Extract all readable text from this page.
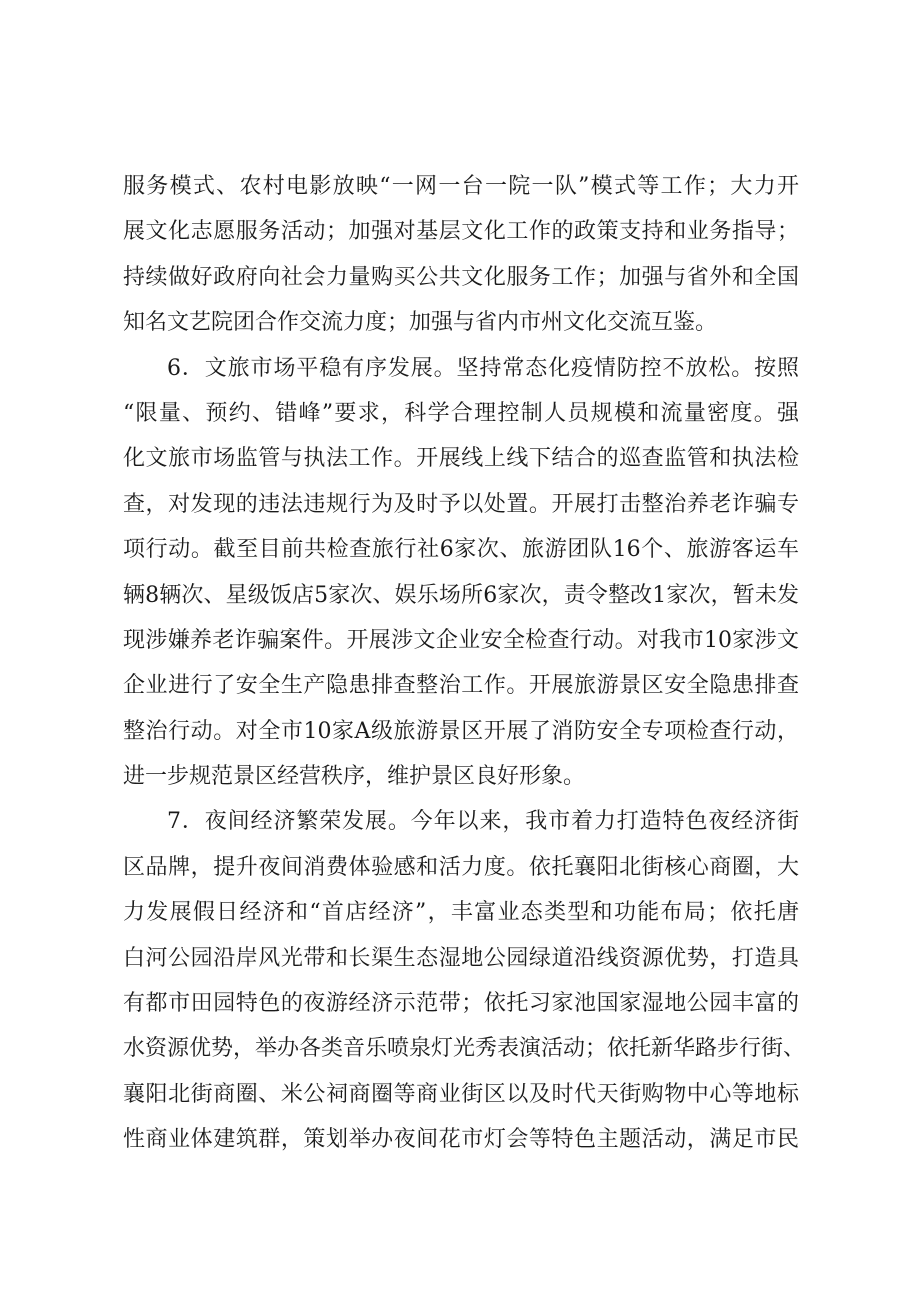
服务模式、农村电影放映“一网一台一院一队”模式等工作；大力开
展文化志愿服务活动；加强对基层文化工作的政策支持和业务指导；
持续做好政府向社会力量购买公共文化服务工作；加强与省外和全国
知名文艺院团合作交流力度；加强与省内市州文化交流互鉴。
6．文旅市场平稳有序发展。坚持常态化疫情防控不放松。按照
“限量、预约、错峰”要求，科学合理控制人员规模和流量密度。强
化文旅市场监管与执法工作。开展线上线下结合的巡查监管和执法检
查，对发现的违法违规行为及时予以处置。开展打击整治养老诈骗专
项行动。截至目前共检查旅行社6家次、旅游团队16个、旅游客运车
辆8辆次、星级饭店5家次、娱乐场所6家次，责令整改1家次，暂未发
现涉嫌养老诈骗案件。开展涉文企业安全检查行动。对我市10家涉文
企业进行了安全生产隐患排查整治工作。开展旅游景区安全隐患排查
整治行动。对全市10家A级旅游景区开展了消防安全专项检查行动，
进一步规范景区经营秩序，维护景区良好形象。
7．夜间经济繁荣发展。今年以来，我市着力打造特色夜经济街
区品牌，提升夜间消费体验感和活力度。依托襄阳北街核心商圈，大
力发展假日经济和“首店经济”，丰富业态类型和功能布局；依托唐
白河公园沿岸风光带和长渠生态湿地公园绿道沿线资源优势，打造具
有都市田园特色的夜游经济示范带；依托习家池国家湿地公园丰富的
水资源优势，举办各类音乐喷泉灯光秀表演活动；依托新华路步行街、
襄阳北街商圈、米公祠商圈等商业街区以及时代天街购物中心等地标
性商业体建筑群，策划举办夜间花市灯会等特色主题活动，满足市民
